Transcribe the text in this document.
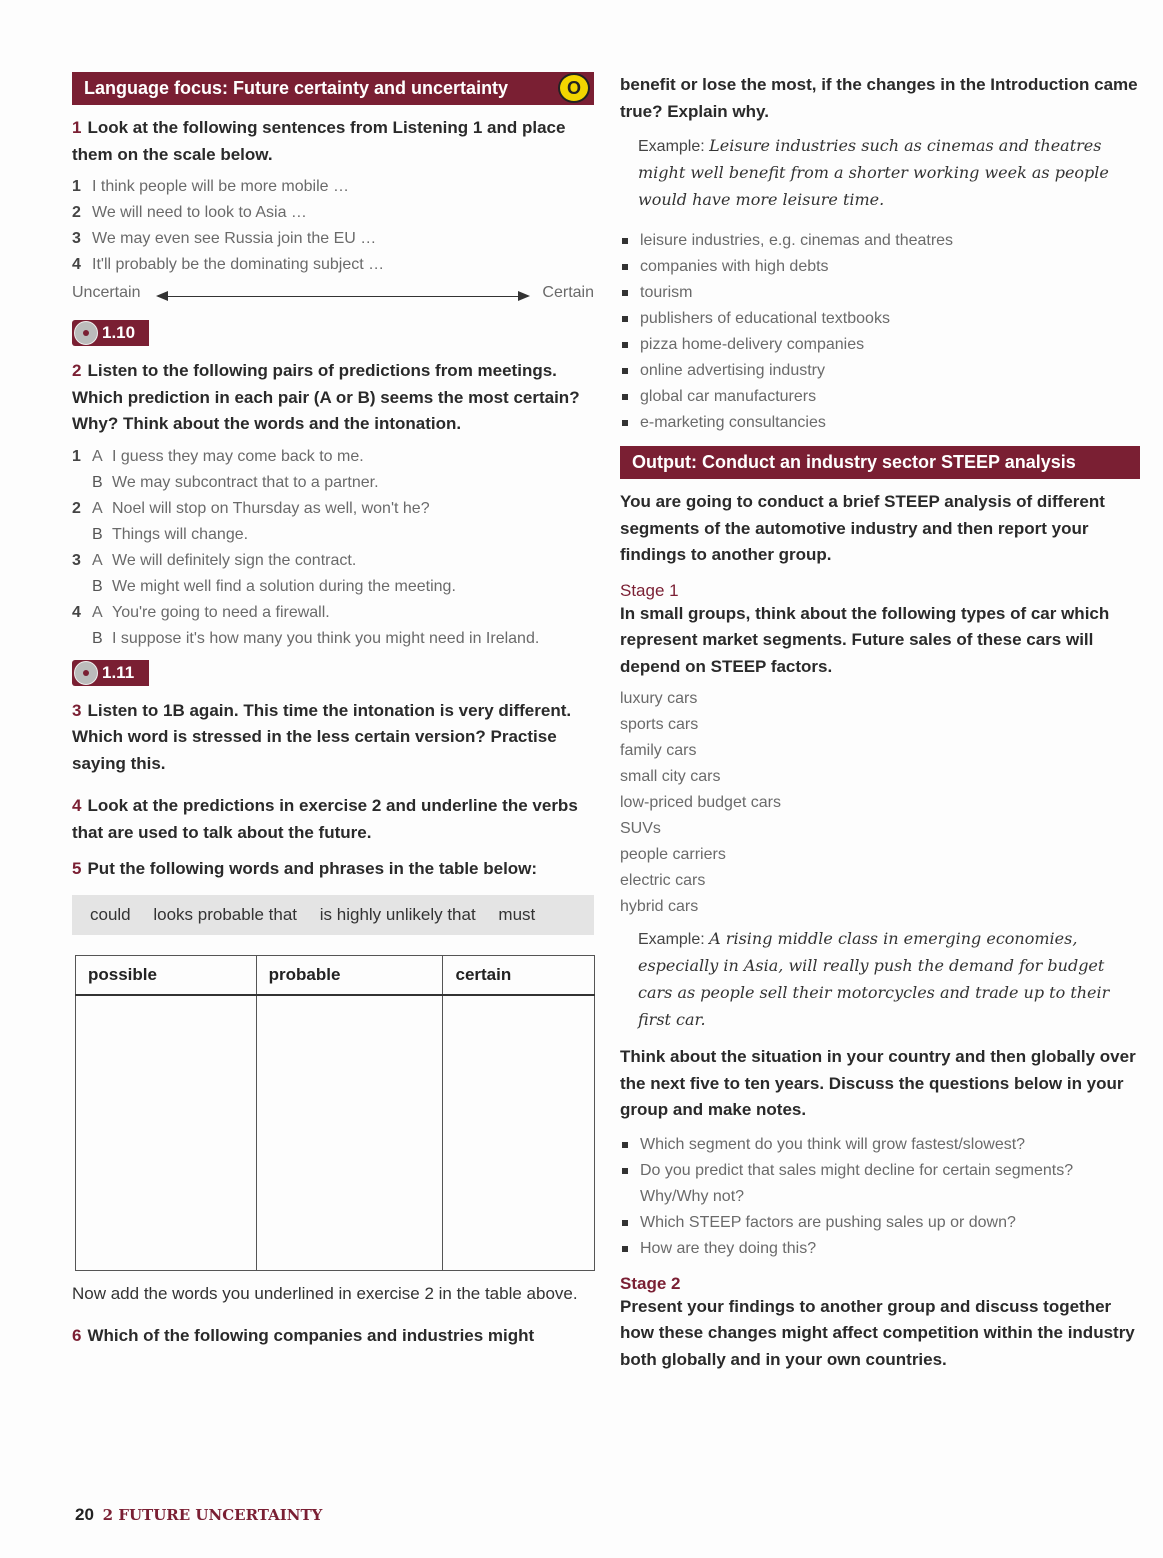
Language focus: Future certainty and uncertainty	O
1 Look at the following sentences from Listening 1 and place them on the scale below.
1 I think people will be more mobile …
2 We will need to look to Asia …
3 We may even see Russia join the EU …
4 It'll probably be the dominating subject …
Uncertain	Certain
1.10
2 Listen to the following pairs of predictions from meetings. Which prediction in each pair (A or B) seems the most certain? Why? Think about the words and the intonation.
1 A I guess they may come back to me.
B We may subcontract that to a partner.
2 A Noel will stop on Thursday as well, won't he?
B Things will change.
3 A We will definitely sign the contract.
B We might well find a solution during the meeting.
4 A You're going to need a firewall.
B I suppose it's how many you think you might need in Ireland.
1.11
3 Listen to 1B again. This time the intonation is very different. Which word is stressed in the less certain version? Practise saying this.
4 Look at the predictions in exercise 2 and underline the verbs that are used to talk about the future.
5 Put the following words and phrases in the table below:
could looks probable that is highly unlikely that must
possible	probable	certain

Now add the words you underlined in exercise 2 in the table above.
6 Which of the following companies and industries might
benefit or lose the most, if the changes in the Introduction came true? Explain why.
Example: Leisure industries such as cinemas and theatres might well benefit from a shorter working week as people would have more leisure time.
leisure industries, e.g. cinemas and theatres
companies with high debts
tourism
publishers of educational textbooks
pizza home-delivery companies
online advertising industry
global car manufacturers
e-marketing consultancies
Output: Conduct an industry sector STEEP analysis
You are going to conduct a brief STEEP analysis of different segments of the automotive industry and then report your findings to another group.
Stage 1
In small groups, think about the following types of car which represent market segments. Future sales of these cars will depend on STEEP factors.
luxury cars
sports cars
family cars
small city cars
low-priced budget cars
SUVs
people carriers
electric cars
hybrid cars
Example: A rising middle class in emerging economies, especially in Asia, will really push the demand for budget cars as people sell their motorcycles and trade up to their first car.
Think about the situation in your country and then globally over the next five to ten years. Discuss the questions below in your group and make notes.
Which segment do you think will grow fastest/slowest?
Do you predict that sales might decline for certain segments? Why/Why not?
Which STEEP factors are pushing sales up or down?
How are they doing this?
Stage 2
Present your findings to another group and discuss together how these changes might affect competition within the industry both globally and in your own countries.
20 2 FUTURE UNCERTAINTY
